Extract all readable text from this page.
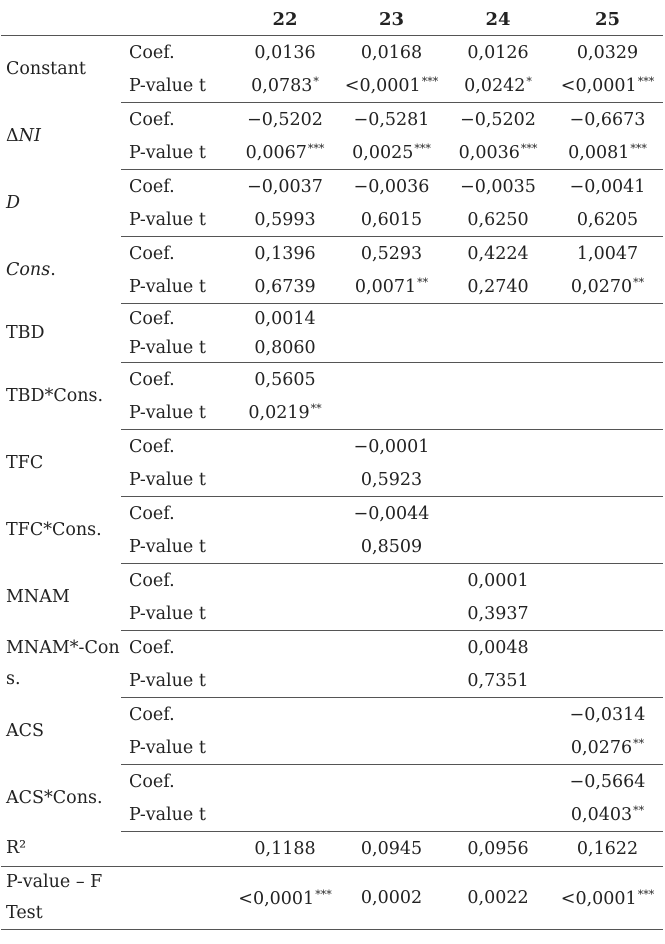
		22	23	24	25
Constant	Coef.	0,0136	0,0168	0,0126	0,0329
	P-value t	0,0783*	<0,0001***	0,0242*	<0,0001***
ΔNI	Coef.	−0,5202	−0,5281	−0,5202	−0,6673
	P-value t	0,0067***	0,0025***	0,0036***	0,0081***
D	Coef.	−0,0037	−0,0036	−0,0035	−0,0041
	P-value t	0,5993	0,6015	0,6250	0,6205
Cons.	Coef.	0,1396	0,5293	0,4224	1,0047
	P-value t	0,6739	0,0071**	0,2740	0,0270**
TBD	Coef.	0,0014			
	P-value t	0,8060			
TBD*Cons.	Coef.	0,5605			
	P-value t	0,0219**			
TFC	Coef.		−0,0001		
	P-value t		0,5923		
TFC*Cons.	Coef.		−0,0044		
	P-value t		0,8509		
MNAM	Coef.			0,0001	
	P-value t			0,3937	
MNAM*-Cons.	Coef.			0,0048	
	P-value t			0,7351	
ACS	Coef.				−0,0314
	P-value t				0,0276**
ACS*Cons.	Coef.				−0,5664
	P-value t				0,0403**
R²		0,1188	0,0945	0,0956	0,1622
P-value – F Test		<0,0001***	0,0002	0,0022	<0,0001***
